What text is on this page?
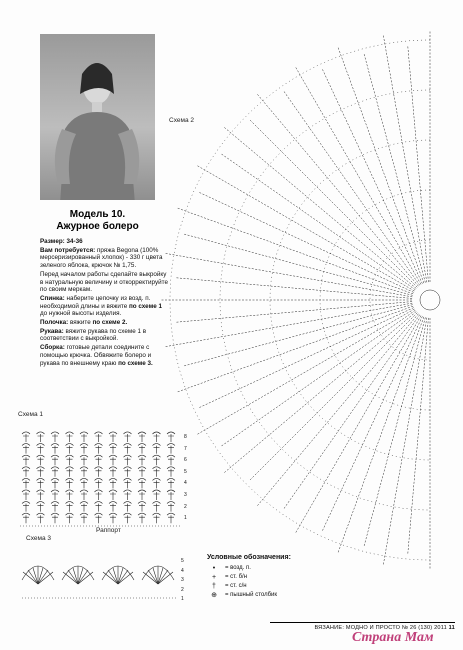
Модель 10.
Ажурное болеро

Размер: 34-36

Вам потребуется: пряжа Begona (100% мерсеризированный хлопок) - 330 г цвета зеленого яблока, крючок № 1,75.

Перед началом работы сделайте выкройку в натуральную величину и откорректируйте по своим меркам.

Спинка: наберите цепочку из возд. п. необходимой длины и вяжите по схеме 1 до нужной высоты изделия.

Полочка: вяжите по схеме 2.

Рукава: вяжите рукава по схеме 1 в соответствии с выкройкой.

Сборка: готовые детали соедините с помощью крючка. Обвяжите болеро и рукава по внешнему краю по схеме 3.

Схема 2
Схема 1
Раппорт
Схема 3
8
7
6
5
4
3
2
1
5
4
3
2
1
Условные обозначения:
•	= возд. п.
+	= ст. б/н
†	= ст. с/н
⊕	= пышный столбик
ВЯЗАНИЕ: МОДНО И ПРОСТО № 26 (130) 2011 11
Страна Мам
